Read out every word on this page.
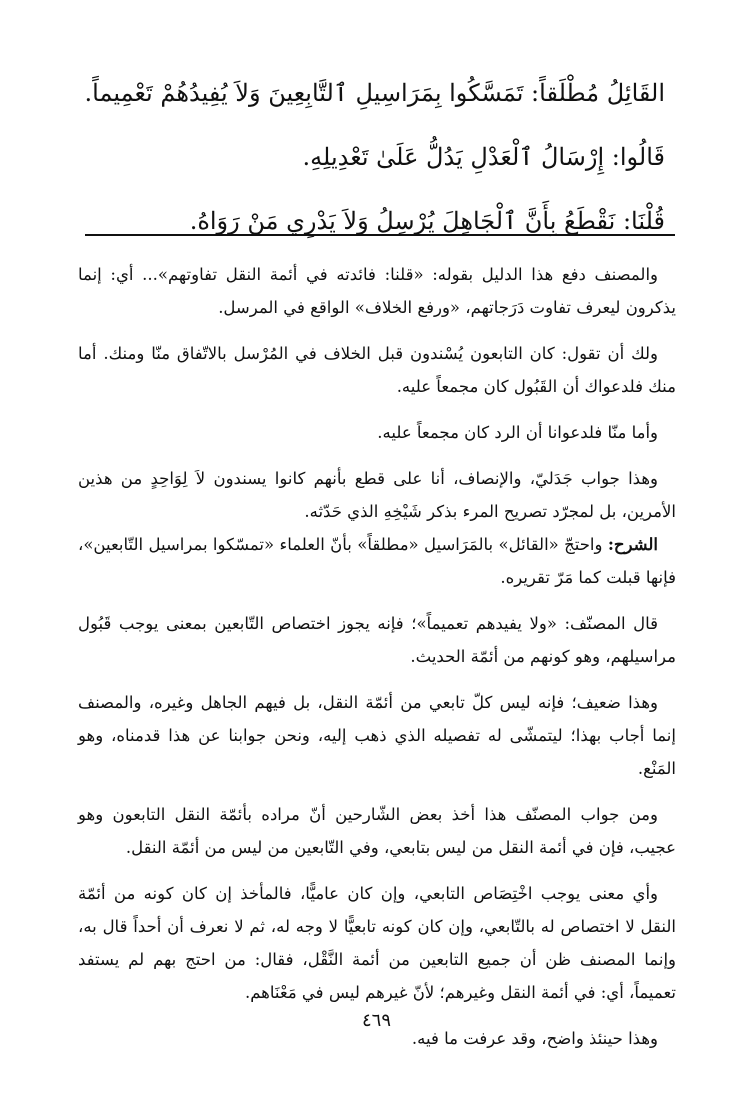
القَائِلُ مُطْلَقاً: تَمَسَّكُوا بِمَرَاسِيلِ ٱلتَّابِعِينَ وَلاَ يُفِيدُهُمْ تَعْمِيماً.
قَالُوا: إِرْسَالُ ٱلْعَدْلِ يَدُلُّ عَلَىٰ تَعْدِيلِهِ.
قُلْنَا: نَقْطَعُ بِأَنَّ ٱلْجَاهِلَ يُرْسِلُ وَلاَ يَدْرِي مَنْ رَوَاهُ.

والمصنف دفع هذا الدليل بقوله: «قلنا: فائدته في أئمة النقل تفاوتهم»... أي: إنما يذكرون ليعرف تفاوت دَرَجاتهم، «ورفع الخلاف» الواقع في المرسل.

ولك أن تقول: كان التابعون يُسْندون قبل الخلاف في المُرْسل بالاتّفاق منّا ومنك. أما منك فلدعواك أن القَبُول كان مجمعاً عليه.

وأما منّا فلدعوانا أن الرد كان مجمعاً عليه.

وهذا جواب جَدَليّ، والإنصاف، أنا على قطع بأنهم كانوا يسندون لاَ لِوَاحِدٍ من هذين الأمرين، بل لمجرّد تصريح المرء بذكر شَيْخِهِ الذي حَدّثه.

الشرح: واحتجّ «القائل» بالمَرَاسيل «مطلقاً» بأنّ العلماء «تمسّكوا بمراسيل التّابعين»، فإنها قبلت كما مَرّ تقريره.

قال المصنّف: «ولا يفيدهم تعميماً»؛ فإنه يجوز اختصاص التّابعين بمعنى يوجب قَبُول مراسيلهم، وهو كونهم من أئمّة الحديث.

وهذا ضعيف؛ فإنه ليس كلّ تابعي من أئمّة النقل، بل فيهم الجاهل وغيره، والمصنف إنما أجاب بهذا؛ ليتمشّى له تفصيله الذي ذهب إليه، ونحن جوابنا عن هذا قدمناه، وهو المَنْع.

ومن جواب المصنّف هذا أخذ بعض الشّارحين أنّ مراده بأئمّة النقل التابعون وهو عجيب، فإن في أئمة النقل من ليس بتابعي، وفي التّابعين من ليس من أئمّة النقل.

وأي معنى يوجب اخْتِصَاص التابعي، وإن كان عاميًّا، فالمأخذ إن كان كونه من أئمّة النقل لا اختصاص له بالتّابعي، وإن كان كونه تابعيًّا لا وجه له، ثم لا نعرف أن أحداً قال به، وإنما المصنف ظن أن جميع التابعين من أئمة النَّقْل، فقال: من احتج بهم لم يستفد تعميماً، أي: في أئمة النقل وغيرهم؛ لأنّ غيرهم ليس في مَعْنَاهم.

وهذا حينئذ واضح، وقد عرفت ما فيه.

٤٦٩
